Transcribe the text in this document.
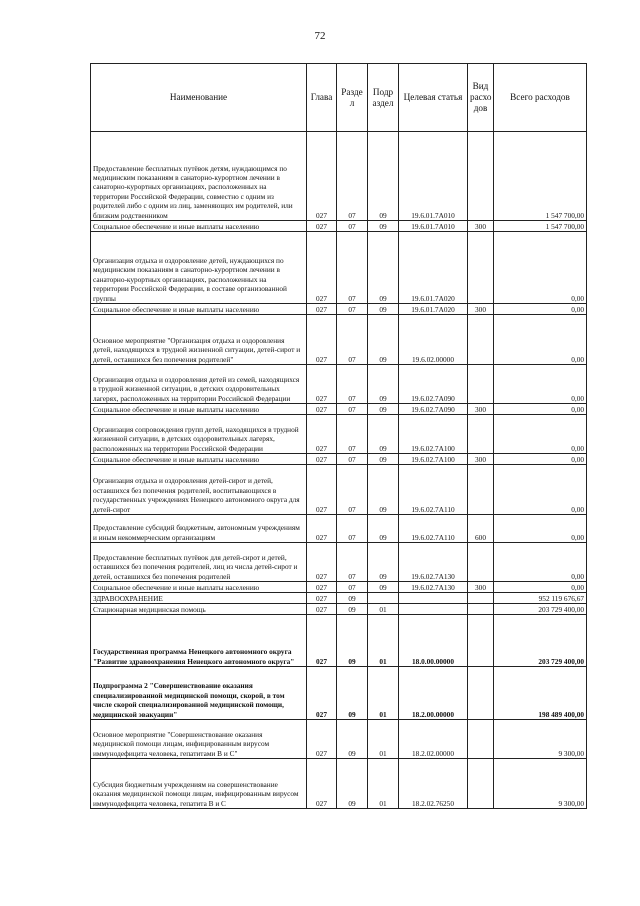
72
Наименование	Глава	Разде л	Подр аздел	Целевая статья	Вид расхо дов	Всего расходов
Предоставление бесплатных путёвок детям, нуждающимся по медицинским показаниям в санаторно-курортном лечении в санаторно-курортных организациях, расположенных на территории Российской Федерации, совместно с одним из родителей либо с одним из лиц, заменяющих им родителей, или близким родственником	027	07	09	19.6.01.7A010		1 547 700,00
Социальное обеспечение и иные выплаты населению	027	07	09	19.6.01.7A010	300	1 547 700,00
Организация отдыха и оздоровление детей, нуждающихся по медицинским показаниям в санаторно-курортном лечении в санаторно-курортных организациях, расположенных на территории Российской Федерации, в составе организованной группы	027	07	09	19.6.01.7A020		0,00
Социальное обеспечение и иные выплаты населению	027	07	09	19.6.01.7A020	300	0,00
Основное мероприятие "Организация отдыха и оздоровления детей, находящихся в трудной жизненной ситуации, детей-сирот и детей, оставшихся без попечения родителей"	027	07	09	19.6.02.00000		0,00
Организация отдыха и оздоровления детей из семей, находящихся в трудной жизненной ситуации, в детских оздоровительных лагерях, расположенных на территории Российской Федерации	027	07	09	19.6.02.7A090		0,00
Социальное обеспечение и иные выплаты населению	027	07	09	19.6.02.7A090	300	0,00
Организация сопровождения групп детей, находящихся в трудной жизненной ситуации, в детских оздоровительных лагерях, расположенных на территории Российской Федерации	027	07	09	19.6.02.7A100		0,00
Социальное обеспечение и иные выплаты населению	027	07	09	19.6.02.7A100	300	0,00
Организация отдыха и оздоровления детей-сирот и детей, оставшихся без попечения родителей, воспитывающихся в государственных учреждениях Ненецкого автономного округа для детей-сирот	027	07	09	19.6.02.7A110		0,00
Предоставление субсидий бюджетным, автономным учреждениям и иным некоммерческим организациям	027	07	09	19.6.02.7A110	600	0,00
Предоставление бесплатных путёвок для детей-сирот и детей, оставшихся без попечения родителей, лиц из числа детей-сирот и детей, оставшихся без попечения родителей	027	07	09	19.6.02.7A130		0,00
Социальное обеспечение и иные выплаты населению	027	07	09	19.6.02.7A130	300	0,00
ЗДРАВООХРАНЕНИЕ	027	09				952 119 676,67
Стационарная медицинская помощь	027	09	01			203 729 400,00
Государственная программа Ненецкого автономного округа "Развитие здравоохранения Ненецкого автономного округа"	027	09	01	18.0.00.00000		203 729 400,00
Подпрограмма 2 "Совершенствование оказания специализированной медицинской помощи, скорой, в том числе скорой специализированной медицинской помощи, медицинской эвакуации"	027	09	01	18.2.00.00000		198 489 400,00
Основное мероприятие "Совершенствование оказания медицинской помощи лицам, инфицированным вирусом иммунодефицита человека, гепатитами В и С"	027	09	01	18.2.02.00000		9 300,00
Субсидия бюджетным учреждениям на совершенствование оказания медицинской помощи лицам, инфицированным вирусом иммунодефицита человека, гепатита В и С	027	09	01	18.2.02.76250		9 300,00
